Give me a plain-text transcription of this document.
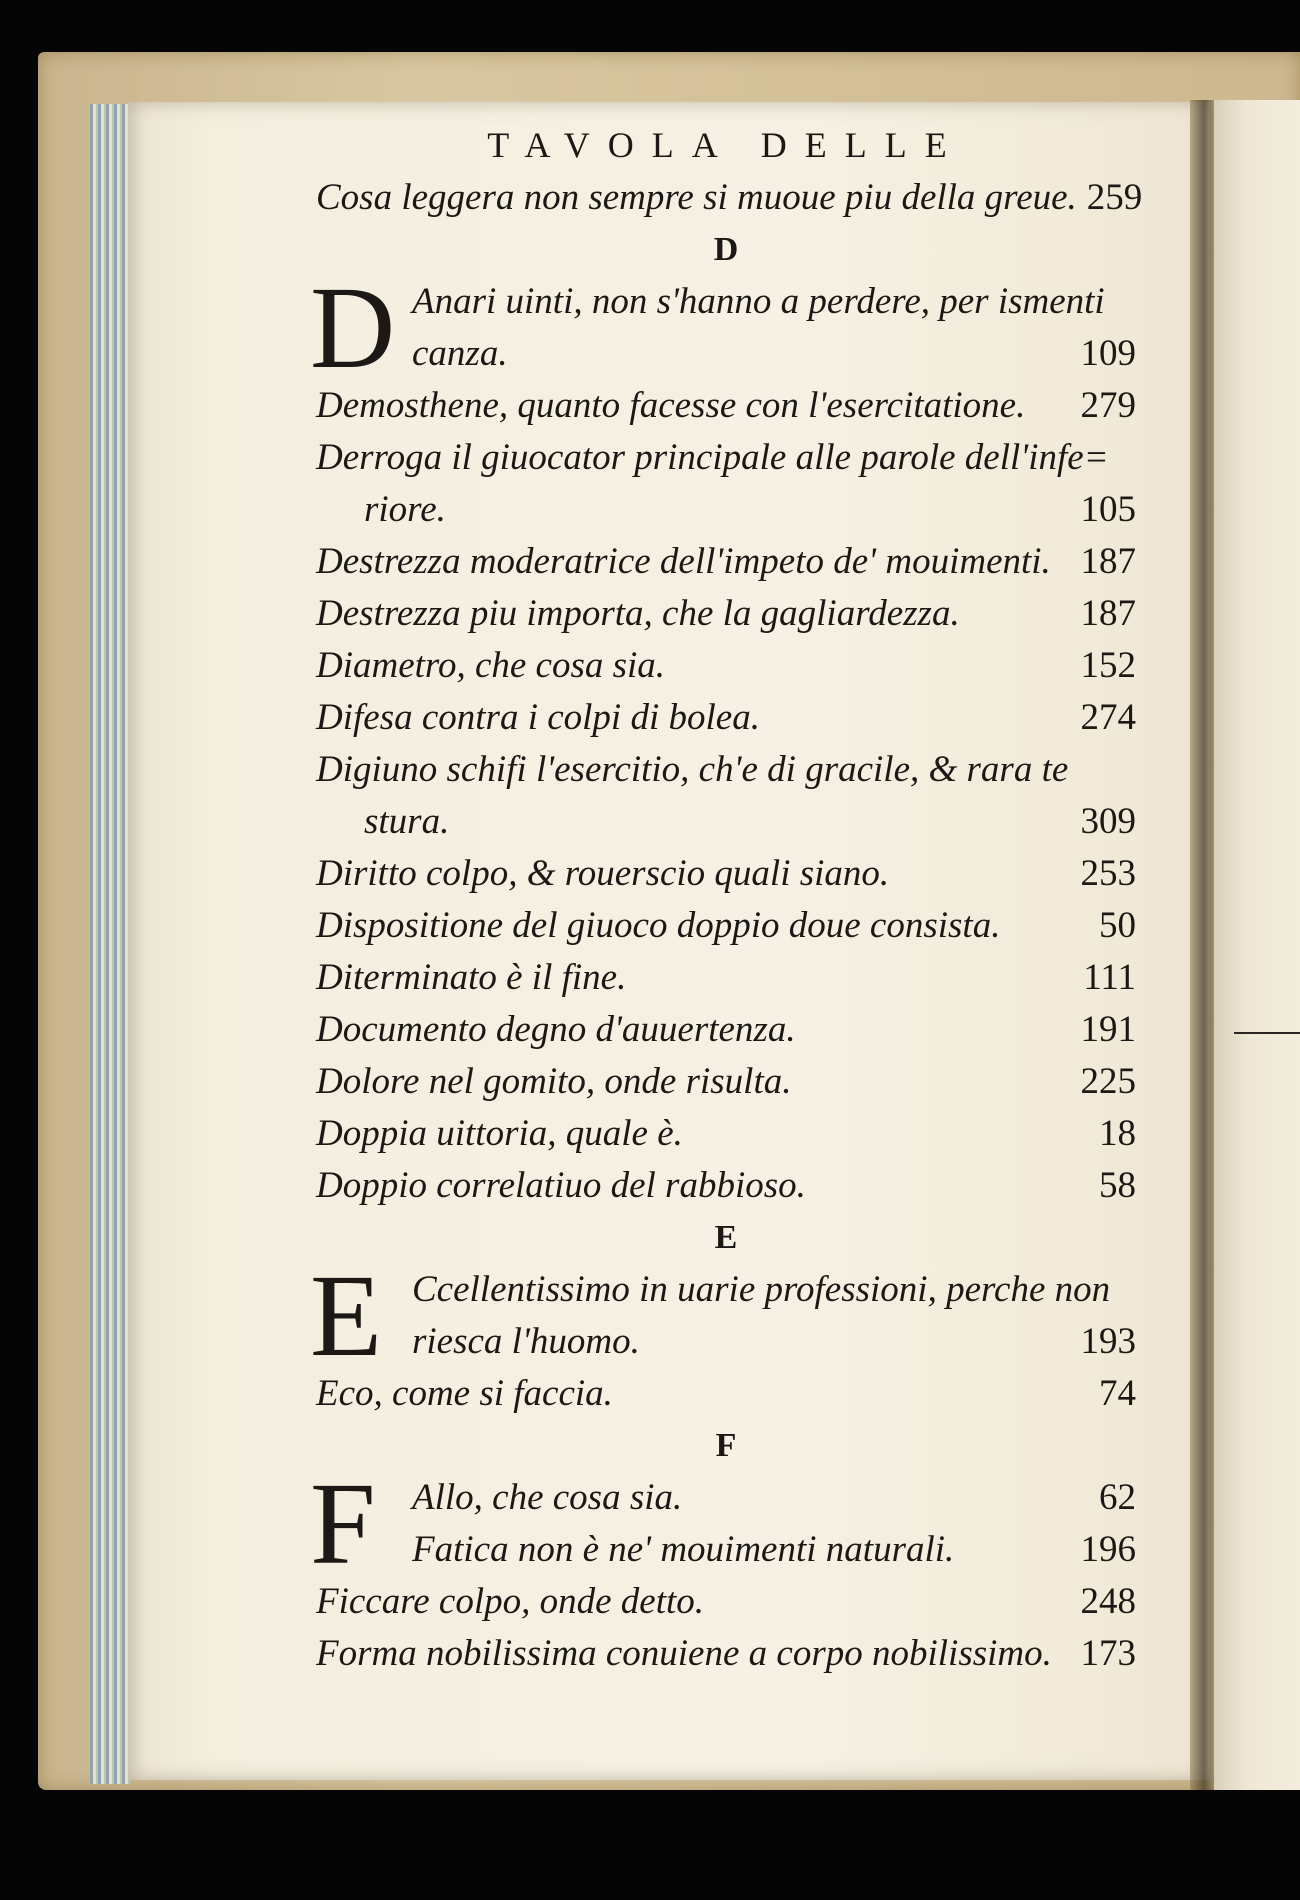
TAVOLA DELLE
Cosa leggera non sempre si muoue piu della greue. 259
D
D Anari uinti, non s'hanno a perdere, per ismenti
canza.	109
Demosthene, quanto facesse con l'esercitatione.	279
Derroga il giuocator principale alle parole dell'infe=
riore.	105
Destrezza moderatrice dell'impeto de' mouimenti. 187
Destrezza piu importa, che la gagliardezza.	187
Diametro, che cosa sia.	152
Difesa contra i colpi di bolea.	274
Digiuno schifi l'esercitio, ch'e di gracile, & rara te
stura.	309
Diritto colpo, & rouerscio quali siano.	253
Dispositione del giuoco doppio doue consista.	50
Diterminato è il fine.	111
Documento degno d'auuertenza.	191
Dolore nel gomito, onde risulta.	225
Doppia uittoria, quale è.	18
Doppio correlatiuo del rabbioso.	58
E
E Ccellentissimo in uarie professioni, perche non
riesca l'huomo.	193
Eco, come si faccia.	74
F
F Allo, che cosa sia.	62
Fatica non è ne' mouimenti naturali.	196
Ficcare colpo, onde detto.	248
Forma nobilissima conuiene a corpo nobilissimo. 173
